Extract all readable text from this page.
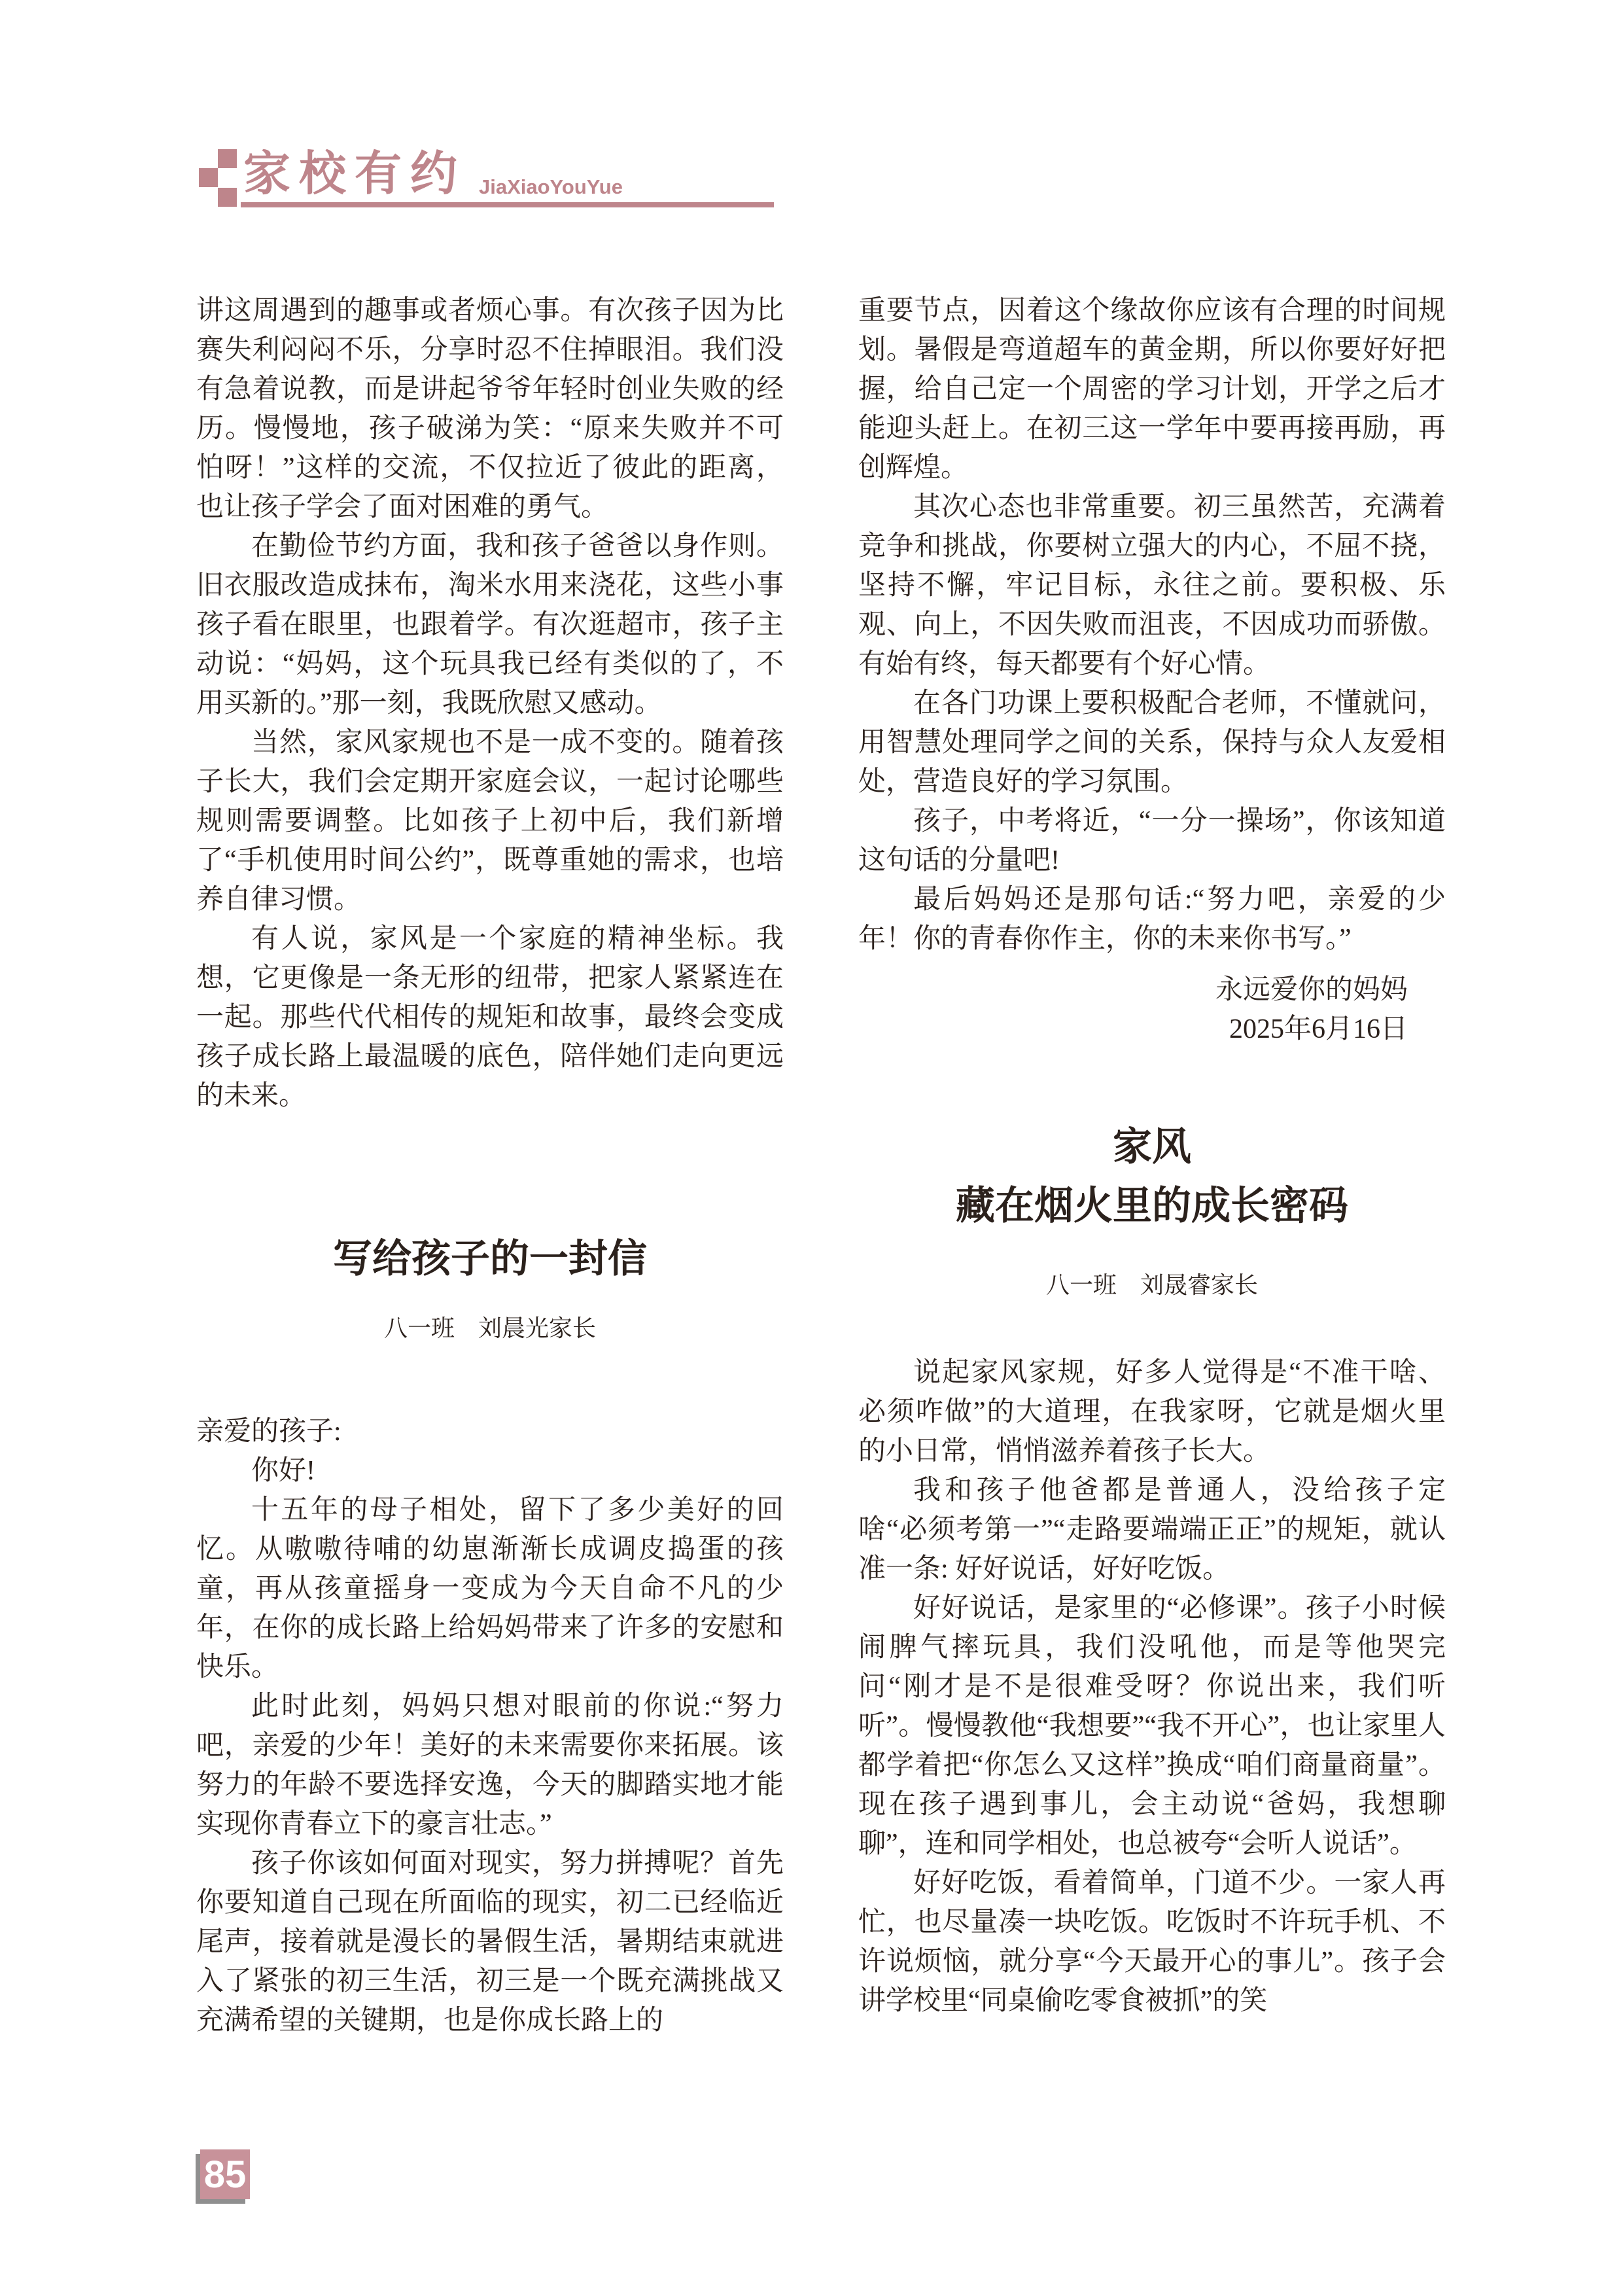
家校有约 JiaXiaoYouYue

讲这周遇到的趣事或者烦心事。有次孩子因为比赛失利闷闷不乐，分享时忍不住掉眼泪。我们没有急着说教，而是讲起爷爷年轻时创业失败的经历。慢慢地，孩子破涕为笑：“原来失败并不可怕呀！”这样的交流，不仅拉近了彼此的距离，也让孩子学会了面对困难的勇气。

在勤俭节约方面，我和孩子爸爸以身作则。旧衣服改造成抹布，淘米水用来浇花，这些小事孩子看在眼里，也跟着学。有次逛超市，孩子主动说：“妈妈，这个玩具我已经有类似的了，不用买新的。”那一刻，我既欣慰又感动。

当然，家风家规也不是一成不变的。随着孩子长大，我们会定期开家庭会议，一起讨论哪些规则需要调整。比如孩子上初中后，我们新增了“手机使用时间公约”，既尊重她的需求，也培养自律习惯。

有人说，家风是一个家庭的精神坐标。我想，它更像是一条无形的纽带，把家人紧紧连在一起。那些代代相传的规矩和故事，最终会变成孩子成长路上最温暖的底色，陪伴她们走向更远的未来。

写给孩子的一封信

八一班　刘晨光家长

亲爱的孩子:

你好!

十五年的母子相处，留下了多少美好的回忆。从嗷嗷待哺的幼崽渐渐长成调皮捣蛋的孩童，再从孩童摇身一变成为今天自命不凡的少年，在你的成长路上给妈妈带来了许多的安慰和快乐。

此时此刻，妈妈只想对眼前的你说:“努力吧，亲爱的少年！美好的未来需要你来拓展。该努力的年龄不要选择安逸，今天的脚踏实地才能实现你青春立下的豪言壮志。”

孩子你该如何面对现实，努力拼搏呢？首先你要知道自己现在所面临的现实，初二已经临近尾声，接着就是漫长的暑假生活，暑期结束就进入了紧张的初三生活，初三是一个既充满挑战又充满希望的关键期，也是你成长路上的

重要节点，因着这个缘故你应该有合理的时间规划。暑假是弯道超车的黄金期，所以你要好好把握，给自己定一个周密的学习计划，开学之后才能迎头赶上。在初三这一学年中要再接再励，再创辉煌。

其次心态也非常重要。初三虽然苦，充满着竞争和挑战，你要树立强大的内心，不屈不挠，坚持不懈，牢记目标，永往之前。要积极、乐观、向上，不因失败而沮丧，不因成功而骄傲。有始有终，每天都要有个好心情。

在各门功课上要积极配合老师，不懂就问，用智慧处理同学之间的关系，保持与众人友爱相处，营造良好的学习氛围。

孩子，中考将近，“一分一操场”，你该知道这句话的分量吧!

最后妈妈还是那句话:“努力吧，亲爱的少年！你的青春你作主，你的未来你书写。”

永远爱你的妈妈

2025年6月16日

家风
藏在烟火里的成长密码
八一班　刘晟睿家长

说起家风家规，好多人觉得是“不准干啥、必须咋做”的大道理，在我家呀，它就是烟火里的小日常，悄悄滋养着孩子长大。

我和孩子他爸都是普通人，没给孩子定啥“必须考第一”“走路要端端正正”的规矩，就认准一条: 好好说话，好好吃饭。

好好说话，是家里的“必修课”。孩子小时候闹脾气摔玩具，我们没吼他，而是等他哭完问“刚才是不是很难受呀？你说出来，我们听听”。慢慢教他“我想要”“我不开心”，也让家里人都学着把“你怎么又这样”换成“咱们商量商量”。现在孩子遇到事儿，会主动说“爸妈，我想聊聊”，连和同学相处，也总被夸“会听人说话”。

好好吃饭，看着简单，门道不少。一家人再忙，也尽量凑一块吃饭。吃饭时不许玩手机、不许说烦恼，就分享“今天最开心的事儿”。孩子会讲学校里“同桌偷吃零食被抓”的笑

85
